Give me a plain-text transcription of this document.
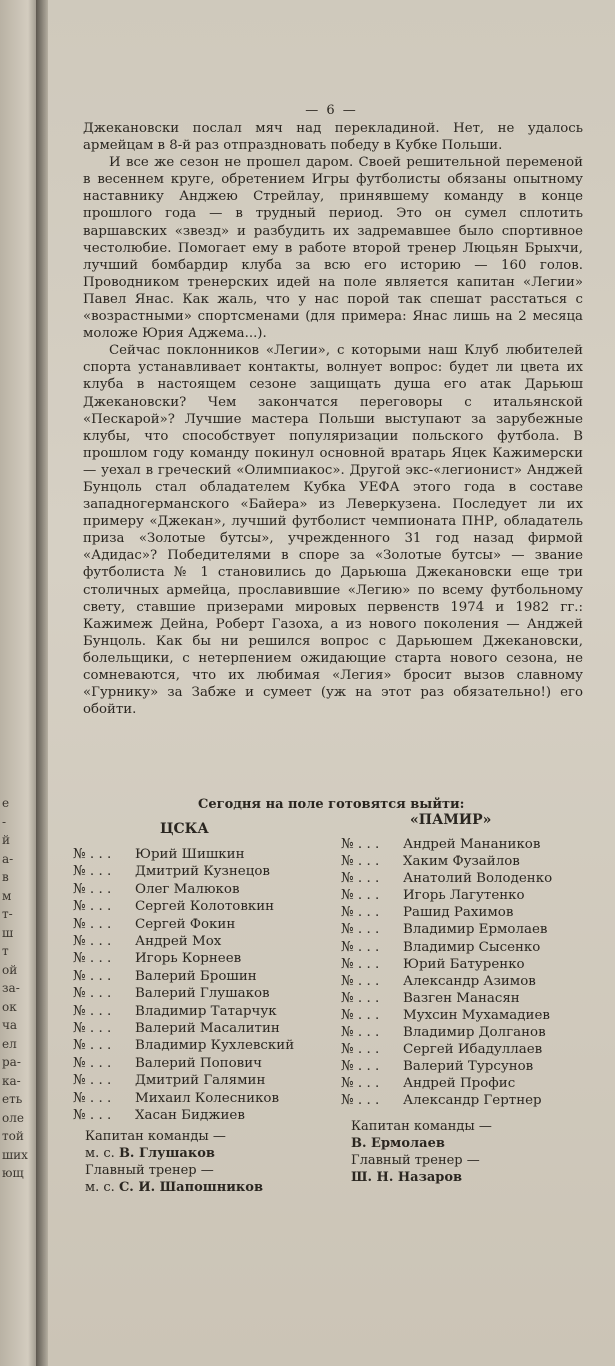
е
-
й
а-
в
м
т-
ш
т
ой
за-
ок
ча
ел
ра-
ка-
еть
оле
той
ших
ющ
— 6 —

Джекановски послал мяч над перекладиной. Нет, не удалось армейцам в 8-й раз отпраздновать победу в Кубке Польши.

И все же сезон не прошел даром. Своей решительной переменой в весеннем круге, обретением Игры футболисты обязаны опытному наставнику Анджею Стрейлау, принявшему команду в конце прошлого года — в трудный период. Это он сумел сплотить варшавских «звезд» и разбудить их задремавшее было спортивное честолюбие. Помогает ему в работе второй тренер Люцьян Брыхчи, лучший бомбардир клуба за всю его историю — 160 голов. Проводником тренерских идей на поле является капитан «Легии» Павел Янас. Как жаль, что у нас порой так спешат расстаться с «возрастными» спортсменами (для примера: Янас лишь на 2 месяца моложе Юрия Аджема...).

Сейчас поклонников «Легии», с которыми наш Клуб любителей спорта устанавливает контакты, волнует вопрос: будет ли цвета их клуба в настоящем сезоне защищать душа его атак Дарьюш Джекановски? Чем закончатся переговоры с итальянской «Пескарой»? Лучшие мастера Польши выступают за зарубежные клубы, что способствует популяризации польского футбола. В прошлом году команду покинул основной вратарь Яцек Кажимерски — уехал в греческий «Олимпиакос». Другой экс-«легионист» Анджей Бунцоль стал обладателем Кубка УЕФА этого года в составе западногерманского «Байера» из Леверкузена. Последует ли их примеру «Джекан», лучший футболист чемпионата ПНР, обладатель приза «Золотые бутсы», учрежденного 31 год назад фирмой «Адидас»? Победителями в споре за «Золотые бутсы» — звание футболиста № 1 становились до Дарьюша Джекановски еще три столичных армейца, прославившие «Легию» по всему футбольному свету, ставшие призерами мировых первенств 1974 и 1982 гг.: Кажимеж Дейна, Роберт Газоха, а из нового поколения — Анджей Бунцоль. Как бы ни решился вопрос с Дарьюшем Джекановски, болельщики, с нетерпением ожидающие старта нового сезона, не сомневаются, что их любимая «Легия» бросит вызов славному «Гурнику» за Забже и сумеет (уж на этот раз обязательно!) его обойти.

Сегодня на поле готовятся выйти:
ЦСКА
«ПАМИР»
№ . . . Юрий Шишкин
№ . . . Дмитрий Кузнецов
№ . . . Олег Малюков
№ . . . Сергей Колотовкин
№ . . . Сергей Фокин
№ . . . Андрей Мох
№ . . . Игорь Корнеев
№ . . . Валерий Брошин
№ . . . Валерий Глушаков
№ . . . Владимир Татарчук
№ . . . Валерий Масалитин
№ . . . Владимир Кухлевский
№ . . . Валерий Попович
№ . . . Дмитрий Галямин
№ . . . Михаил Колесников
№ . . . Хасан Биджиев
№ . . . Андрей Манаников
№ . . . Хаким Фузайлов
№ . . . Анатолий Володенко
№ . . . Игорь Лагутенко
№ . . . Рашид Рахимов
№ . . . Владимир Ермолаев
№ . . . Владимир Сысенко
№ . . . Юрий Батуренко
№ . . . Александр Азимов
№ . . . Вазген Манасян
№ . . . Мухсин Мухамадиев
№ . . . Владимир Долганов
№ . . . Сергей Ибадуллаев
№ . . . Валерий Турсунов
№ . . . Андрей Профис
№ . . . Александр Гертнер
Капитан команды —
м. с. В. Глушаков
Главный тренер —
м. с. С. И. Шапошников
Капитан команды —
В. Ермолаев
Главный тренер —
Ш. Н. Назаров
